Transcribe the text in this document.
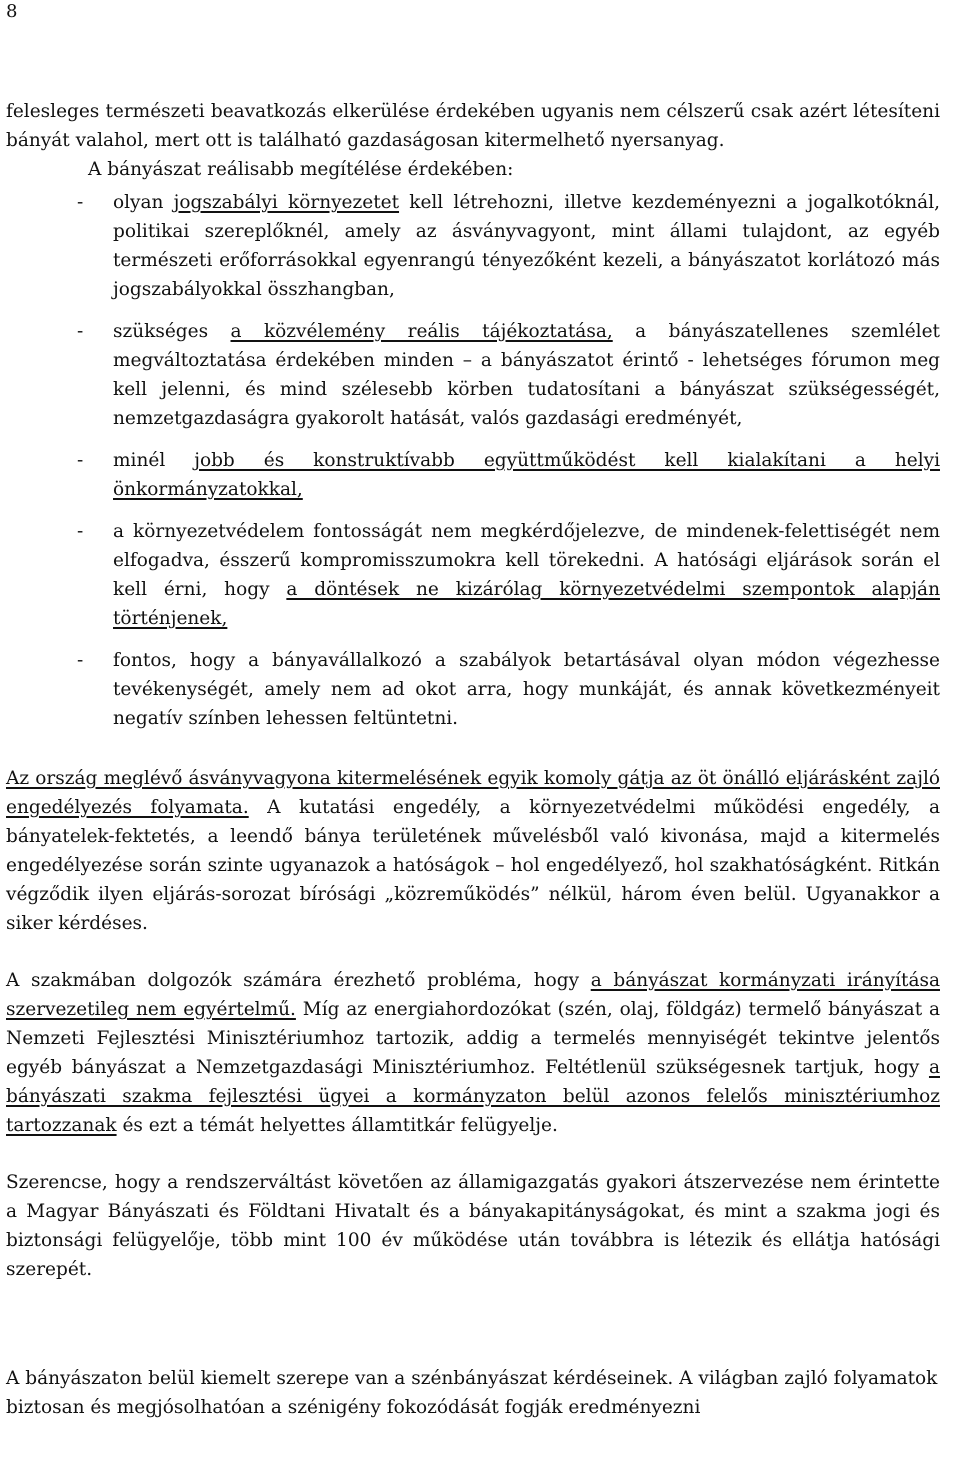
8

felesleges természeti beavatkozás elkerülése érdekében ugyanis nem célszerű csak azért létesíteni bányát valahol, mert ott is található gazdaságosan kitermelhető nyersanyag.

A bányászat reálisabb megítélése érdekében:

- olyan jogszabályi környezetet kell létrehozni, illetve kezdeményezni a jogalkotóknál, politikai szereplőknél, amely az ásványvagyont, mint állami tulajdont, az egyéb természeti erőforrásokkal egyenrangú tényezőként kezeli, a bányászatot korlátozó más jogszabályokkal összhangban,
- szükséges a közvélemény reális tájékoztatása, a bányászatellenes szemlélet megváltoztatása érdekében minden – a bányászatot érintő - lehetséges fórumon meg kell jelenni, és mind szélesebb körben tudatosítani a bányászat szükségességét, nemzetgazdaságra gyakorolt hatását, valós gazdasági eredményét,
- minél jobb és konstruktívabb együttműködést kell kialakítani a helyi önkormányzatokkal,
- a környezetvédelem fontosságát nem megkérdőjelezve, de mindenek-felettiségét nem elfogadva, ésszerű kompromisszumokra kell törekedni. A hatósági eljárások során el kell érni, hogy a döntések ne kizárólag környezetvédelmi szempontok alapján történjenek,
- fontos, hogy a bányavállalkozó a szabályok betartásával olyan módon végezhesse tevékenységét, amely nem ad okot arra, hogy munkáját, és annak következményeit negatív színben lehessen feltüntetni.

Az ország meglévő ásványvagyona kitermelésének egyik komoly gátja az öt önálló eljárásként zajló engedélyezés folyamata. A kutatási engedély, a környezetvédelmi működési engedély, a bányatelek-fektetés, a leendő bánya területének művelésből való kivonása, majd a kitermelés engedélyezése során szinte ugyanazok a hatóságok – hol engedélyező, hol szakhatóságként. Ritkán végződik ilyen eljárás-sorozat bírósági „közreműködés” nélkül, három éven belül. Ugyanakkor a siker kérdéses.

A szakmában dolgozók számára érezhető probléma, hogy a bányászat kormányzati irányítása szervezetileg nem egyértelmű. Míg az energiahordozókat (szén, olaj, földgáz) termelő bányászat a Nemzeti Fejlesztési Minisztériumhoz tartozik, addig a termelés mennyiségét tekintve jelentős egyéb bányászat a Nemzetgazdasági Minisztériumhoz. Feltétlenül szükségesnek tartjuk, hogy a bányászati szakma fejlesztési ügyei a kormányzaton belül azonos felelős minisztériumhoz tartozzanak és ezt a témát helyettes államtitkár felügyelje.

Szerencse, hogy a rendszerváltást követően az államigazgatás gyakori átszervezése nem érintette a Magyar Bányászati és Földtani Hivatalt és a bányakapitányságokat, és mint a szakma jogi és biztonsági felügyelője, több mint 100 év működése után továbbra is létezik és ellátja hatósági szerepét.

A bányászaton belül kiemelt szerepe van a szénbányászat kérdéseinek. A világban zajló folyamatok biztosan és megjósolhatóan a szénigény fokozódását fogják eredményezni
